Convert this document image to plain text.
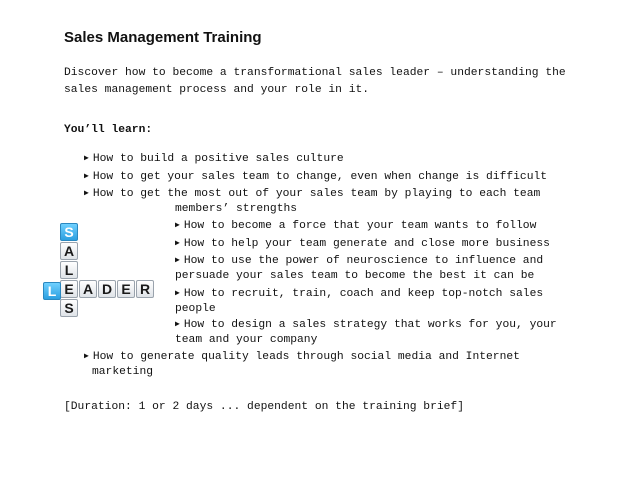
Sales Management Training
Discover how to become a transformational sales leader – understanding the
sales management process and your role in it.
You’ll learn:
▶ How to build a positive sales culture
▶ How to get your sales team to change, even when change is difficult
▶ How to get the most out of your sales team by playing to each team
members’ strengths
▶ How to become a force that your team wants to follow
▶ How to help your team generate and close more business
▶ How to use the power of neuroscience to influence and
persuade your sales team to become the best it can be
▶ How to recruit, train, coach and keep top-notch sales
people
▶ How to design a sales strategy that works for you, your
team and your company
▶ How to generate quality leads through social media and Internet
marketing
[Duration: 1 or 2 days ... dependent on the training brief]
S
A
L
E
S
L	A D E R
